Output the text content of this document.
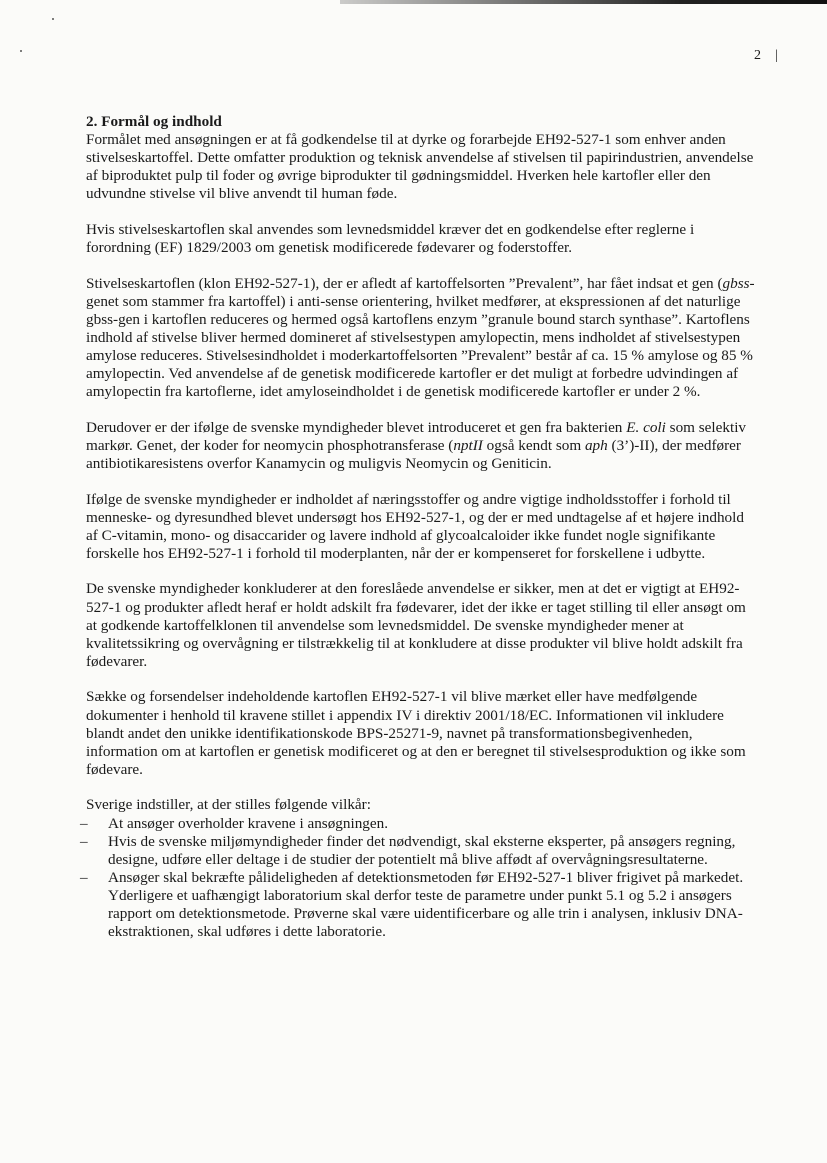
2    |
2. Formål og indhold

Formålet med ansøgningen er at få godkendelse til at dyrke og forarbejde EH92-527-1 som enhver anden stivelseskartoffel. Dette omfatter produktion og teknisk anvendelse af stivelsen til papirindustrien, anvendelse af biproduktet pulp til foder og øvrige biprodukter til gødningsmiddel. Hverken hele kartofler eller den udvundne stivelse vil blive anvendt til human føde.

Hvis stivelseskartoflen skal anvendes som levnedsmiddel kræver det en godkendelse efter reglerne i forordning (EF) 1829/2003 om genetisk modificerede fødevarer og foderstoffer.

Stivelseskartoflen (klon EH92-527-1), der er afledt af kartoffelsorten ”Prevalent”, har fået indsat et gen (gbss-genet som stammer fra kartoffel) i anti-sense orientering, hvilket medfører, at ekspressionen af det naturlige gbss-gen i kartoflen reduceres og hermed også kartoflens enzym ”granule bound starch synthase”. Kartoflens indhold af stivelse bliver hermed domineret af stivelsestypen amylopectin, mens indholdet af stivelsestypen amylose reduceres. Stivelsesindholdet i moderkartoffelsorten ”Prevalent” består af ca. 15 % amylose og 85 % amylopectin. Ved anvendelse af de genetisk modificerede kartofler er det muligt at forbedre udvindingen af amylopectin fra kartoflerne, idet amyloseindholdet i de genetisk modificerede kartofler er under 2 %.

Derudover er der ifølge de svenske myndigheder blevet introduceret et gen fra bakterien E. coli som selektiv markør. Genet, der koder for neomycin phosphotransferase (nptII også kendt som aph (3’)-II), der medfører antibiotikaresistens overfor Kanamycin og muligvis Neomycin og Geniticin.

Ifølge de svenske myndigheder er indholdet af næringsstoffer og andre vigtige indholdsstoffer i forhold til menneske- og dyresundhed blevet undersøgt hos EH92-527-1, og der er med undtagelse af et højere indhold af C-vitamin, mono- og disaccarider og lavere indhold af glycoalcaloider ikke fundet nogle signifikante forskelle hos EH92-527-1 i forhold til moderplanten, når der er kompenseret for forskellene i udbytte.

De svenske myndigheder konkluderer at den foreslåede anvendelse er sikker, men at det er vigtigt at EH92-527-1 og produkter afledt heraf er holdt adskilt fra fødevarer, idet der ikke er taget stilling til eller ansøgt om at godkende kartoffelklonen til anvendelse som levnedsmiddel. De svenske myndigheder mener at kvalitetssikring og overvågning er tilstrækkelig til at konkludere at disse produkter vil blive holdt adskilt fra fødevarer.

Sække og forsendelser indeholdende kartoflen EH92-527-1 vil blive mærket eller have medfølgende dokumenter i henhold til kravene stillet i appendix IV i direktiv 2001/18/EC. Informationen vil inkludere blandt andet den unikke identifikationskode BPS-25271-9, navnet på transformationsbegivenheden, information om at kartoflen er genetisk modificeret og at den er beregnet til stivelsesproduktion og ikke som fødevare.

Sverige indstiller, at der stilles følgende vilkår:

– At ansøger overholder kravene i ansøgningen.
– Hvis de svenske miljømyndigheder finder det nødvendigt, skal eksterne eksperter, på ansøgers regning, designe, udføre eller deltage i de studier der potentielt må blive affødt af overvågningsresultaterne.
– Ansøger skal bekræfte pålideligheden af detektionsmetoden før EH92-527-1 bliver frigivet på markedet. Yderligere et uafhængigt laboratorium skal derfor teste de parametre under punkt 5.1 og 5.2 i ansøgers rapport om detektionsmetode. Prøverne skal være uidentificerbare og alle trin i analysen, inklusiv DNA-ekstraktionen, skal udføres i dette laboratorie.
